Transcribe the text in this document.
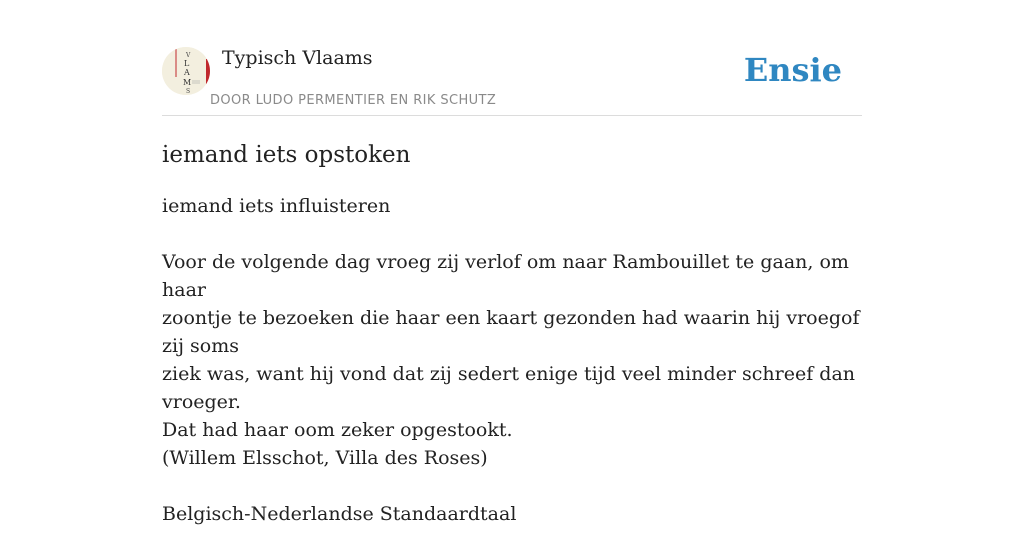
V
L
A
M
S
Typisch Vlaams
DOOR LUDO PERMENTIER EN RIK SCHUTZ
Ensie
iemand iets opstoken

iemand iets influisteren

Voor de volgende dag vroeg zij verlof om naar Rambouillet te gaan, om haar
zoontje te bezoeken die haar een kaart gezonden had waarin hij vroegof zij soms
ziek was, want hij vond dat zij sedert enige tijd veel minder schreef dan vroeger.
Dat had haar oom zeker opgestookt.
(Willem Elsschot, Villa des Roses)

Belgisch-Nederlandse Standaardtaal
